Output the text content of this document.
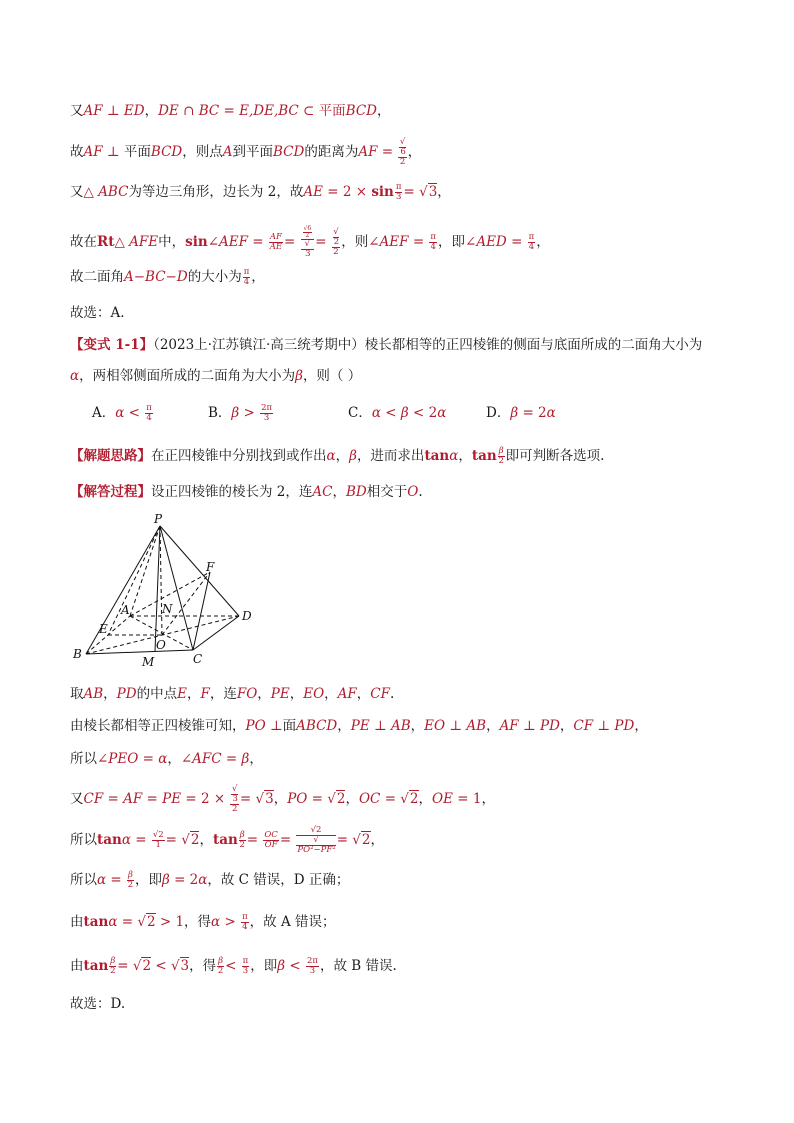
又AF ⊥ ED，DE ∩ BC = E,DE,BC ⊂ 平面BCD，
故AF ⊥ 平面BCD，则点A到平面BCD的距离为AF = √
6
2 ，
又△ ABC为等边三角形，边长为 2，故AE = $2 \times \sin \frac{\pi}{3} = √3$，
故在Rt△ AFE中，sin∠AEF = $\frac{AF}{AE} = √6$
2
√
3 = √
2
2 ，则∠AEF = $\frac{\pi}{4}$ ，即∠AED = $\frac{\pi}{4}$ ，
故二面角A−BC−D的大小为 $\frac{\pi}{4}$ ，
故选：A.
【变式 1-1】（2023上·江苏镇江·高三统考期中）棱长都相等的正四棱锥的侧面与底面所成的二面角大小为
α，两相邻侧面所成的二面角为大小为β，则（ ）
A．$\alpha < \frac{\pi}{4}$	B．$\beta > \frac{2\pi}{3}$	C．α < β < 2α	D．β = 2α
【解题思路】在正四棱锥中分别找到或作出α，β，进而求出tanα，$\tan \frac{\beta}{2}$ 即可判断各选项.
【解答过程】设正四棱锥的棱长为 2，连AC，BD相交于O.
P
F
A	N	D
E
O
B
M	C
取AB，PD的中点E，F，连FO，PE，EO，AF，CF.
由棱长都相等正四棱锥可知，PO ⊥面ABCD，PE ⊥ AB，EO ⊥ AB，AF ⊥ PD，CF ⊥ PD，
所以∠PEO = α，∠AFC = β，
又CF = AF = PE = 2 × √
3
2 = √3，PO = √2，OC = √2，OE = 1，
所以$\tan\alpha = \frac{√2}{1} = √2$，$\tan \frac{\beta}{2} = \frac{OC}{OF} = √2$
√
PO²−PF² = √2，
所以$\alpha = \frac{\beta}{2}$ ，即β = 2α，故 C 错误，D 正确；
由tanα = √2 > 1，得$\alpha > \frac{\pi}{4}$ ，故 A 错误；
由$\tan \frac{\beta}{2} = √2 < √3$，得 $\frac{\beta}{2} < \frac{\pi}{3}$ ，即$\beta < \frac{2\pi}{3}$ ，故 B 错误.
故选：D.
